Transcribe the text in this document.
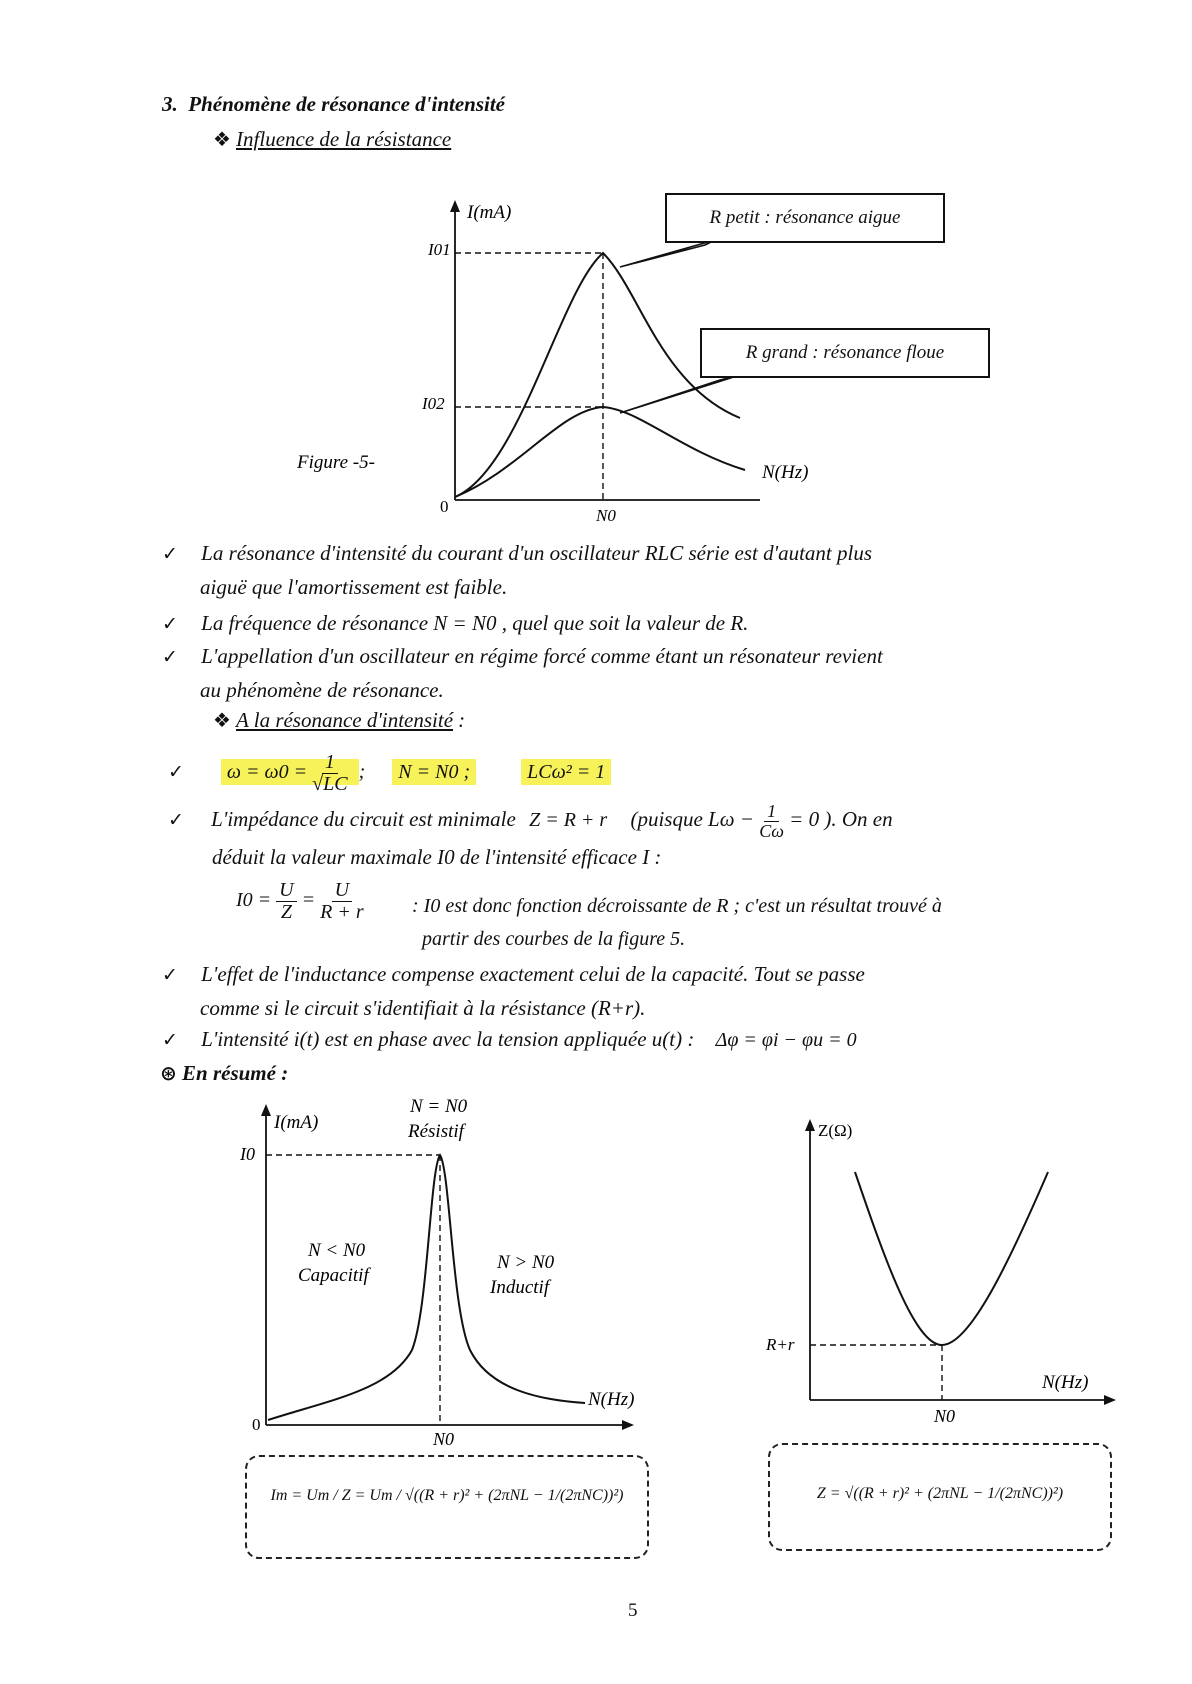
3. Phénomène de résonance d'intensité
❖ Influence de la résistance
I(mA)
N(Hz)
0	N0
I01
I02
Figure -5-
R petit : résonance aigue
R grand : résonance floue
✓ La résonance d'intensité du courant d'un oscillateur RLC série est d'autant plus
aiguë que l'amortissement est faible.
✓ La fréquence de résonance N = N0 , quel que soit la valeur de R.
✓ L'appellation d'un oscillateur en régime forcé comme étant un résonateur revient
au phénomène de résonance.
❖ A la résonance d'intensité :
✓ $\omega = \omega 0 = \frac{1}{√LC}$ ; N = N0 ;	LCω² = 1
✓ L'impédance du circuit est minimale Z = R + r (puisque $L\omega - \frac{1}{C\omega} = 0$ ). On en
déduit la valeur maximale I0 de l'intensité efficace I :
$I0 = \frac{U}{Z} = \frac{U}{R + r}$ : I0 est donc fonction décroissante de R ; c'est un résultat trouvé à
partir des courbes de la figure 5.
✓ L'effet de l'inductance compense exactement celui de la capacité. Tout se passe
comme si le circuit s'identifiait à la résistance (R+r).
✓ L'intensité i(t) est en phase avec la tension appliquée u(t) : Δφ = φi − φu = 0
⊛ En résumé :
I(mA)
N(Hz)
0
I0
N0
N = N0
Résistif
N < N0
Capacitif
N > N0
Inductif
Z(Ω)
N(Hz)
R+r
N0
Im = Um / Z = Um / √((R + r)² + (2πNL − 1/(2πNC))²)	Z = √((R + r)² + (2πNL − 1/(2πNC))²)
5
